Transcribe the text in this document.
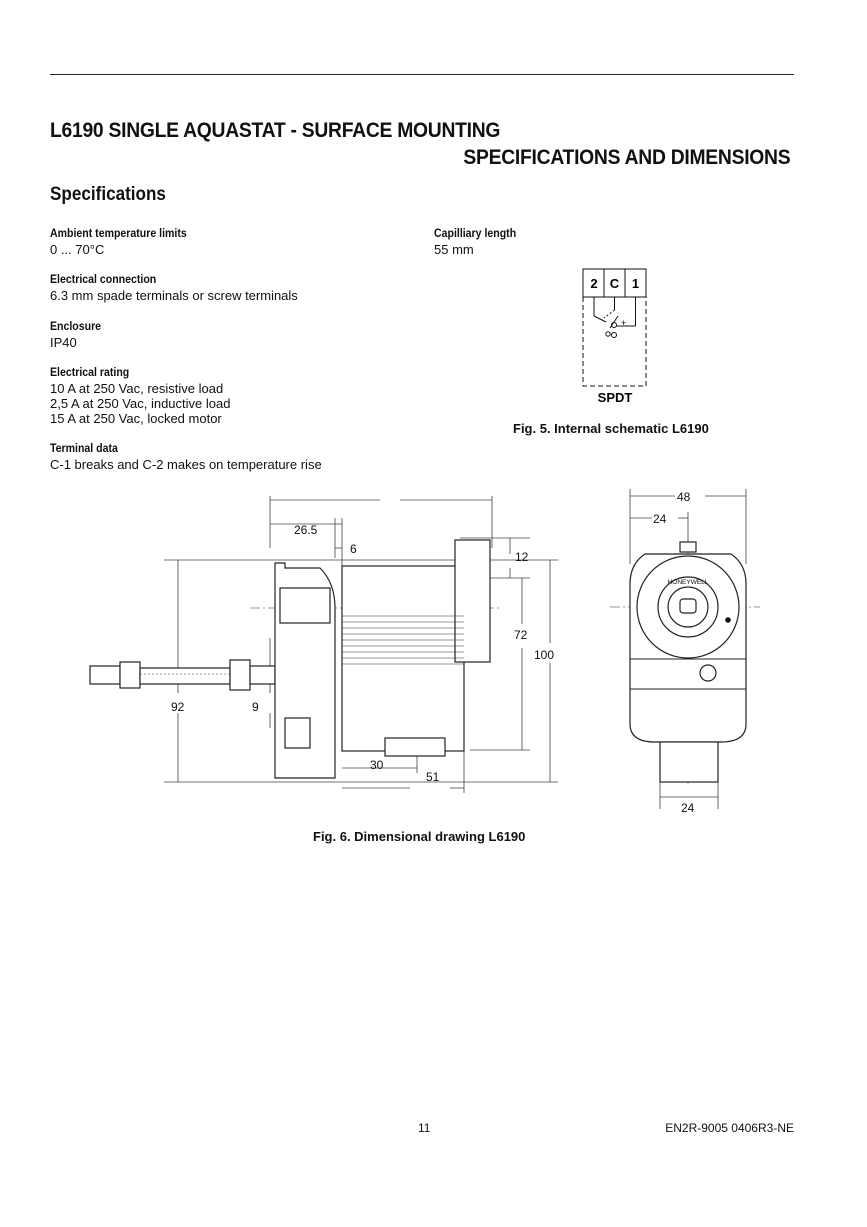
L6190 SINGLE AQUASTAT - SURFACE MOUNTING
SPECIFICATIONS AND DIMENSIONS
Specifications
Ambient temperature limits
0 ... 70°C
Electrical connection
6.3 mm spade terminals or screw terminals
Enclosure
IP40
Electrical rating
10 A at 250 Vac, resistive load
2,5 A at 250 Vac, inductive load
15 A at 250 Vac, locked motor
Terminal data
C-1 breaks and C-2 makes on temperature rise
Capilliary length
55 mm
2 C 1
+
SPDT
Fig. 5. Internal schematic L6190
26.5
6
12
72
100
92	9
30
51
HONEYWELL
48
24
24
Fig. 6. Dimensional drawing L6190
11	EN2R-9005 0406R3-NE
